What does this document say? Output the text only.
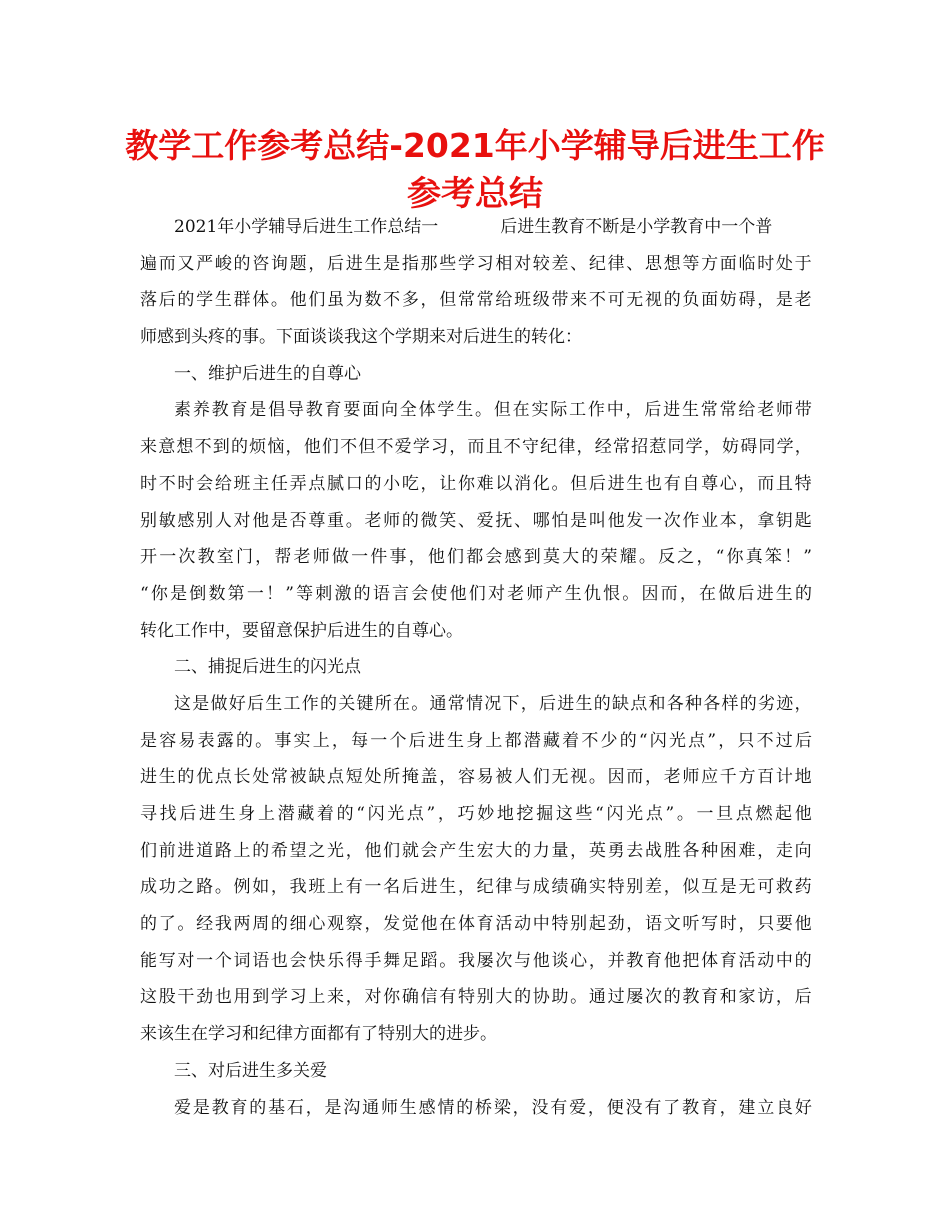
教学工作参考总结-2021年小学辅导后进生工作
参考总结
2021年小学辅导后进生工作总结一	后进生教育不断是小学教育中一个普
遍 而 又 严 峻 的 咨 询 题 ， 后 进 生 是 指 那 些 学 习 相 对 较 差 、 纪 律 、 思 想 等 方 面 临 时 处 于
落 后 的 学 生 群 体 。 他 们 虽 为 数 不 多 ， 但 常 常 给 班 级 带 来 不 可 无 视 的 负 面 妨 碍 ， 是 老
师感到头疼的事。下面谈谈我这个学期来对后进生的转化：
一、维护后进生的自尊心
素 养 教 育 是 倡 导 教 育 要 面 向 全 体 学 生 。 但 在 实 际 工 作 中 ， 后 进 生 常 常 给 老 师 带
来 意 想 不 到 的 烦 恼 ， 他 们 不 但 不 爱 学 习 ， 而 且 不 守 纪 律 ， 经 常 招 惹 同 学 ， 妨 碍 同 学 ，
时 不 时 会 给 班 主 任 弄 点 腻 口 的 小 吃 ， 让 你 难 以 消 化 。 但 后 进 生 也 有 自 尊 心 ， 而 且 特
别 敏 感 别 人 对 他 是 否 尊 重 。 老 师 的 微 笑 、 爱 抚 、 哪 怕 是 叫 他 发 一 次 作 业 本 ， 拿 钥 匙
开 一 次 教 室 门 ， 帮 老 师 做 一 件 事 ， 他 们 都 会 感 到 莫 大 的 荣 耀 。 反 之 ， “ 你 真 笨 ！ ”
“ 你 是 倒 数 第 一 ！ ” 等 刺 激 的 语 言 会 使 他 们 对 老 师 产 生 仇 恨 。 因 而 ， 在 做 后 进 生 的
转化工作中，要留意保护后进生的自尊心。
二、捕捉后进生的闪光点
这 是 做 好 后 生 工 作 的 关 键 所 在 。 通 常 情 况 下 ， 后 进 生 的 缺 点 和 各 种 各 样 的 劣 迹 ，
是 容 易 表 露 的 。 事 实 上 ， 每 一 个 后 进 生 身 上 都 潜 藏 着 不 少 的 “ 闪 光 点 ” ， 只 不 过 后
进 生 的 优 点 长 处 常 被 缺 点 短 处 所 掩 盖 ， 容 易 被 人 们 无 视 。 因 而 ， 老 师 应 千 方 百 计 地
寻 找 后 进 生 身 上 潜 藏 着 的 “ 闪 光 点 ” ， 巧 妙 地 挖 掘 这 些 “ 闪 光 点 ” 。 一 旦 点 燃 起 他
们 前 进 道 路 上 的 希 望 之 光 ， 他 们 就 会 产 生 宏 大 的 力 量 ， 英 勇 去 战 胜 各 种 困 难 ， 走 向
成 功 之 路 。 例 如 ， 我 班 上 有 一 名 后 进 生 ， 纪 律 与 成 绩 确 实 特 别 差 ， 似 互 是 无 可 救 药
的 了 。 经 我 两 周 的 细 心 观 察 ， 发 觉 他 在 体 育 活 动 中 特 别 起 劲 ， 语 文 听 写 时 ， 只 要 他
能 写 对 一 个 词 语 也 会 快 乐 得 手 舞 足 蹈 。 我 屡 次 与 他 谈 心 ， 并 教 育 他 把 体 育 活 动 中 的
这 股 干 劲 也 用 到 学 习 上 来 ， 对 你 确 信 有 特 别 大 的 协 助 。 通 过 屡 次 的 教 育 和 家 访 ， 后
来该生在学习和纪律方面都有了特别大的进步。
三、对后进生多关爱
爱 是 教 育 的 基 石 ， 是 沟 通 师 生 感 情 的 桥 梁 ， 没 有 爱 ， 便 没 有 了 教 育 ， 建 立 良 好
